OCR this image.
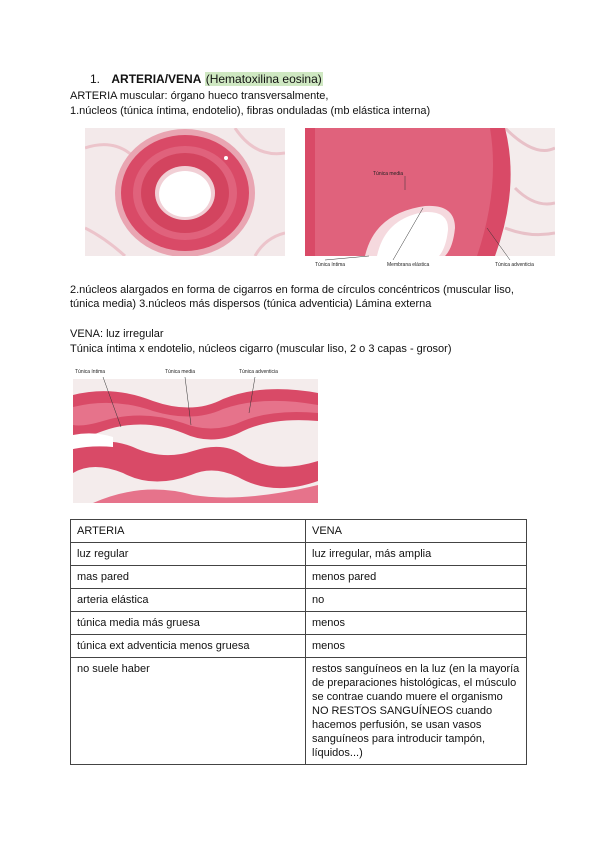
1. ARTERIA/VENA (Hematoxilina eosina)
ARTERIA muscular: órgano hueco transversalmente,
1.núcleos (túnica íntima, endotelio), fibras onduladas (mb elástica interna)
Túnica media
Túnica íntima	Membrana elástica	Túnica adventicia
2.núcleos alargados en forma de cigarros en forma de círculos concéntricos (muscular liso,
túnica media) 3.núcleos más dispersos (túnica adventicia) Lámina externa
VENA: luz irregular
Túnica íntima x endotelio, núcleos cigarro (muscular liso, 2 o 3 capas - grosor)
Túnica íntima	Túnica media	Túnica adventicia
ARTERIA	VENA
luz regular	luz irregular, más amplia
mas pared	menos pared
arteria elástica	no
túnica media más gruesa	menos
túnica ext adventicia menos gruesa	menos
no suele haber	restos sanguíneos en la luz (en la mayoría de preparaciones histológicas, el músculo se contrae cuando muere el organismo NO RESTOS SANGUÍNEOS cuando hacemos perfusión, se usan vasos sanguíneos para introducir tampón, líquidos...)
